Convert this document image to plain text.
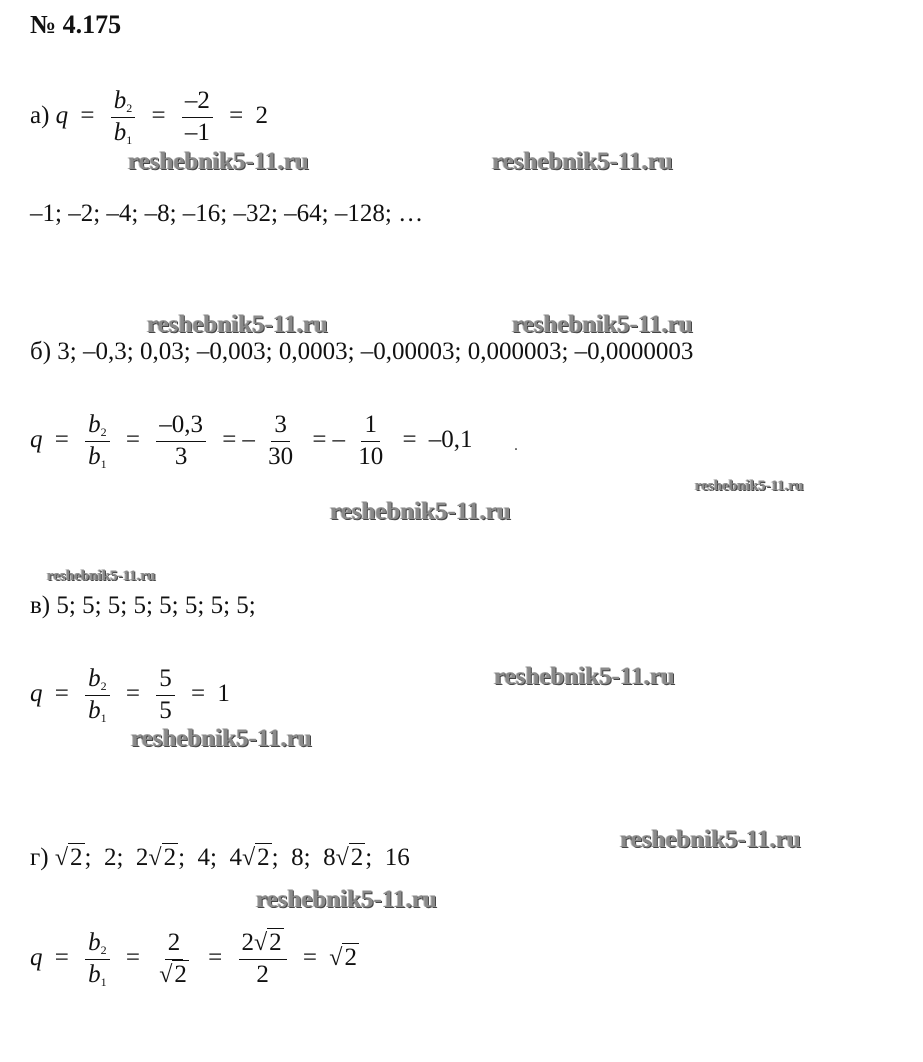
№ 4.175
а) $q = \frac{b_2}{b_1} = \frac{-2}{-1} = 2$
reshebnik5-11.ru	reshebnik5-11.ru
–1; –2; –4; –8; –16; –32; –64; –128; …
reshebnik5-11.ru	reshebnik5-11.ru
б) 3; –0,3; 0,03; –0,003; 0,0003; –0,00003; 0,000003; –0,0000003
$q = \frac{b_2}{b_1} = \frac{-0,3}{3}$ = – $\frac{3}{30}$ = – $\frac{1}{10} = -0,1$	.
reshebnik5-11.ru
reshebnik5-11.ru
reshebnik5-11.ru
в) 5; 5; 5; 5; 5; 5; 5; 5;
reshebnik5-11.ru
$q = \frac{b_2}{b_1} = \frac{5}{5} = 1$
reshebnik5-11.ru
reshebnik5-11.ru
г) √2; 2; 2√2; 4; 4√2; 8; 8√2; 16
reshebnik5-11.ru
$q = \frac{b_2}{b_1} = \frac{2}{√2} = \frac{2√2}{2} = √2$
